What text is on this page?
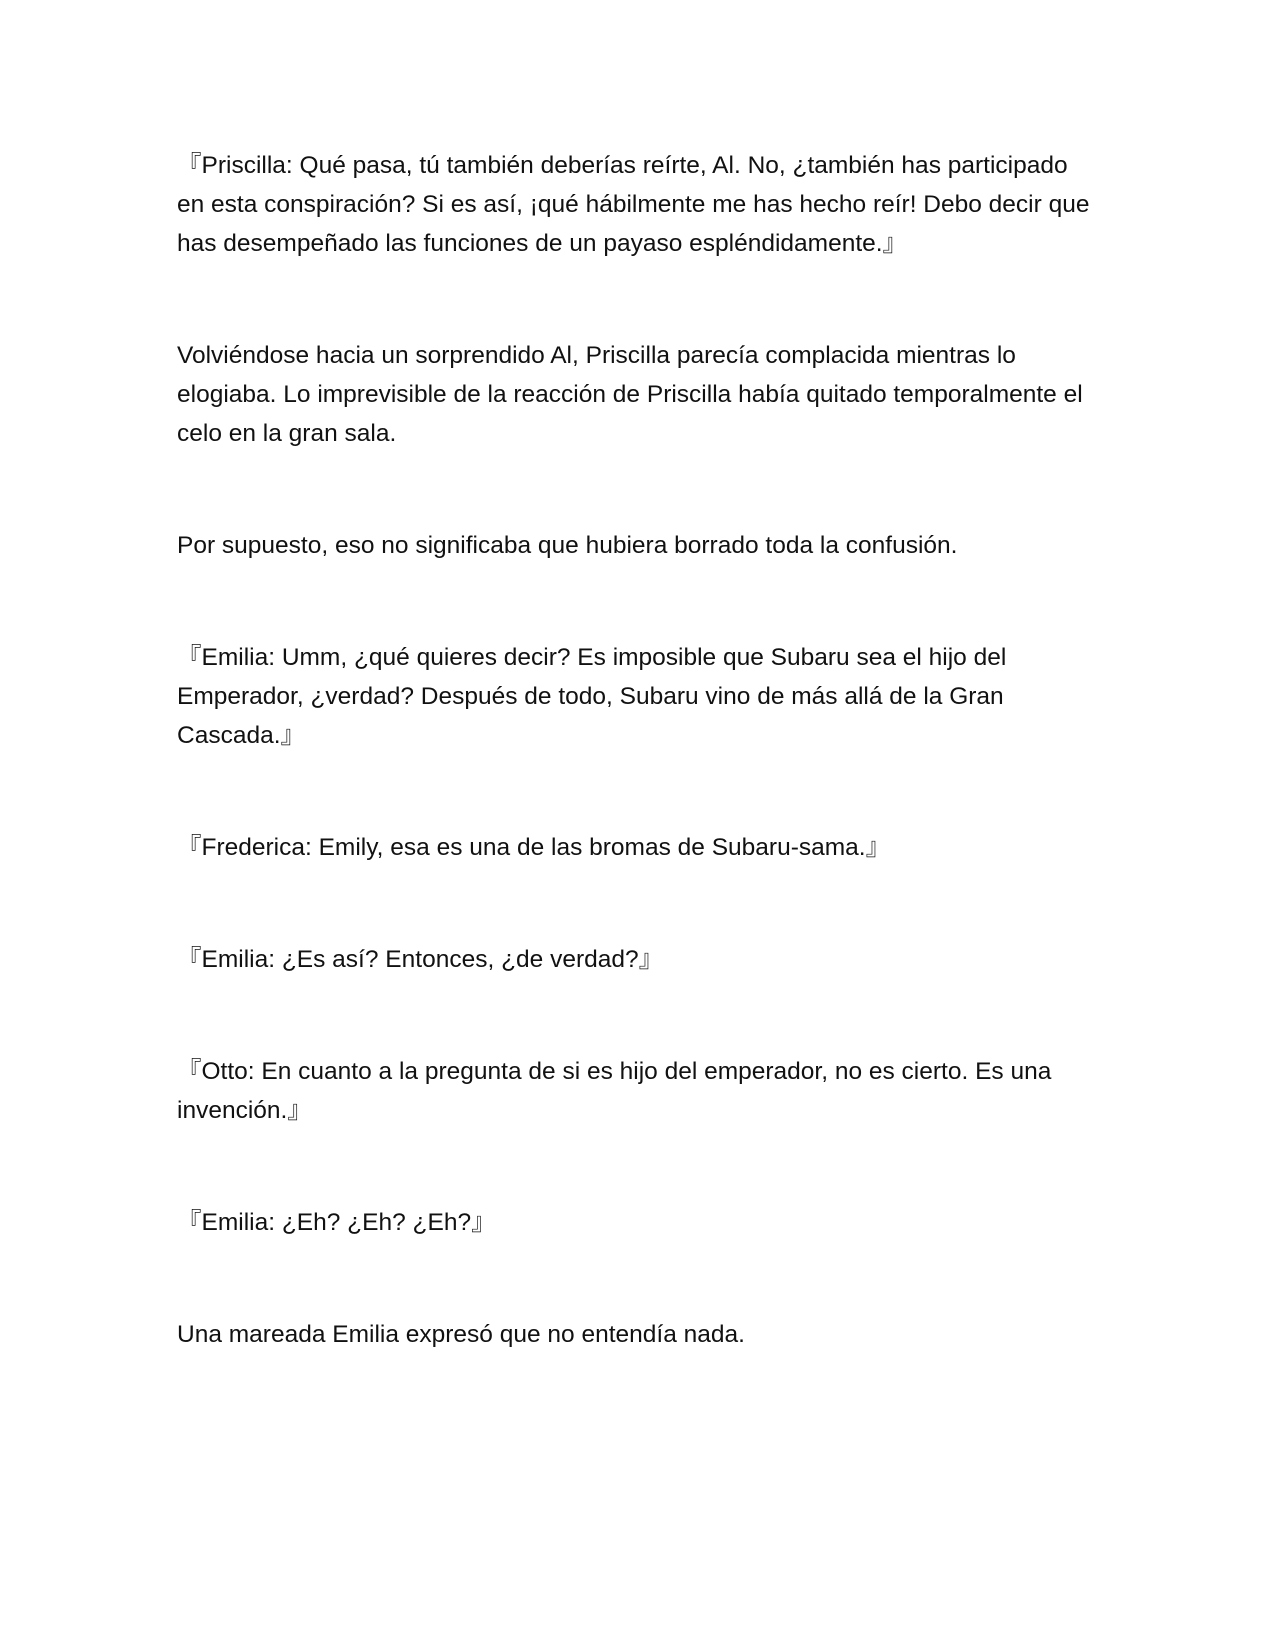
『Priscilla: Qué pasa, tú también deberías reírte, Al. No, ¿también has participado en esta conspiración? Si es así, ¡qué hábilmente me has hecho reír! Debo decir que has desempeñado las funciones de un payaso espléndidamente.』

Volviéndose hacia un sorprendido Al, Priscilla parecía complacida mientras lo elogiaba. Lo imprevisible de la reacción de Priscilla había quitado temporalmente el celo en la gran sala.

Por supuesto, eso no significaba que hubiera borrado toda la confusión.

『Emilia: Umm, ¿qué quieres decir? Es imposible que Subaru sea el hijo del Emperador, ¿verdad? Después de todo, Subaru vino de más allá de la Gran Cascada.』

『Frederica: Emily, esa es una de las bromas de Subaru-sama.』

『Emilia: ¿Es así? Entonces, ¿de verdad?』

『Otto: En cuanto a la pregunta de si es hijo del emperador, no es cierto. Es una invención.』

『Emilia: ¿Eh? ¿Eh? ¿Eh?』

Una mareada Emilia expresó que no entendía nada.
